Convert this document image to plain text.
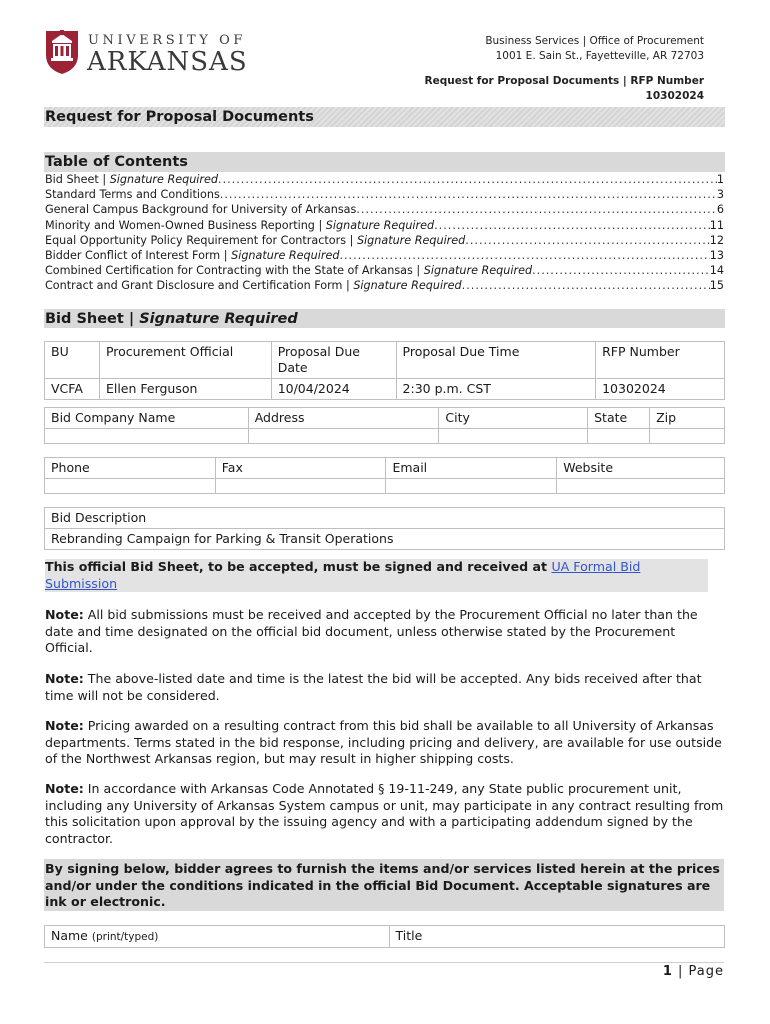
UNIVERSITY OF
ARKANSAS
Business Services | Office of Procurement
1001 E. Sain St., Fayetteville, AR 72703
Request for Proposal Documents | RFP Number
10302024
Request for Proposal Documents
Table of Contents
Bid Sheet | Signature Required .....	1
Standard Terms and Conditions .....	3
General Campus Background for University of Arkansas .....	6
Minority and Women-Owned Business Reporting | Signature Required .....	11
Equal Opportunity Policy Requirement for Contractors | Signature Required .....	12
Bidder Conflict of Interest Form | Signature Required .....	13
Combined Certification for Contracting with the State of Arkansas | Signature Required .....	14
Contract and Grant Disclosure and Certification Form | Signature Required .....	15
Bid Sheet | Signature Required
BU	Procurement Official	Proposal Due Date	Proposal Due Time	RFP Number
VCFA	Ellen Ferguson	10/04/2024	2:30 p.m. CST	10302024
Bid Company Name	Address	City	State	Zip

Phone	Fax	Email	Website

Bid Description
Rebranding Campaign for Parking & Transit Operations
This official Bid Sheet, to be accepted, must be signed and received at UA Formal Bid Submission
Note: All bid submissions must be received and accepted by the Procurement Official no later than the date and time designated on the official bid document, unless otherwise stated by the Procurement Official.
Note: The above-listed date and time is the latest the bid will be accepted. Any bids received after that time will not be considered.
Note: Pricing awarded on a resulting contract from this bid shall be available to all University of Arkansas departments. Terms stated in the bid response, including pricing and delivery, are available for use outside of the Northwest Arkansas region, but may result in higher shipping costs.
Note: In accordance with Arkansas Code Annotated § 19-11-249, any State public procurement unit, including any University of Arkansas System campus or unit, may participate in any contract resulting from this solicitation upon approval by the issuing agency and with a participating addendum signed by the contractor.
By signing below, bidder agrees to furnish the items and/or services listed herein at the prices and/or under the conditions indicated in the official Bid Document. Acceptable signatures are ink or electronic.
Name (print/typed)	Title
1 | Page
